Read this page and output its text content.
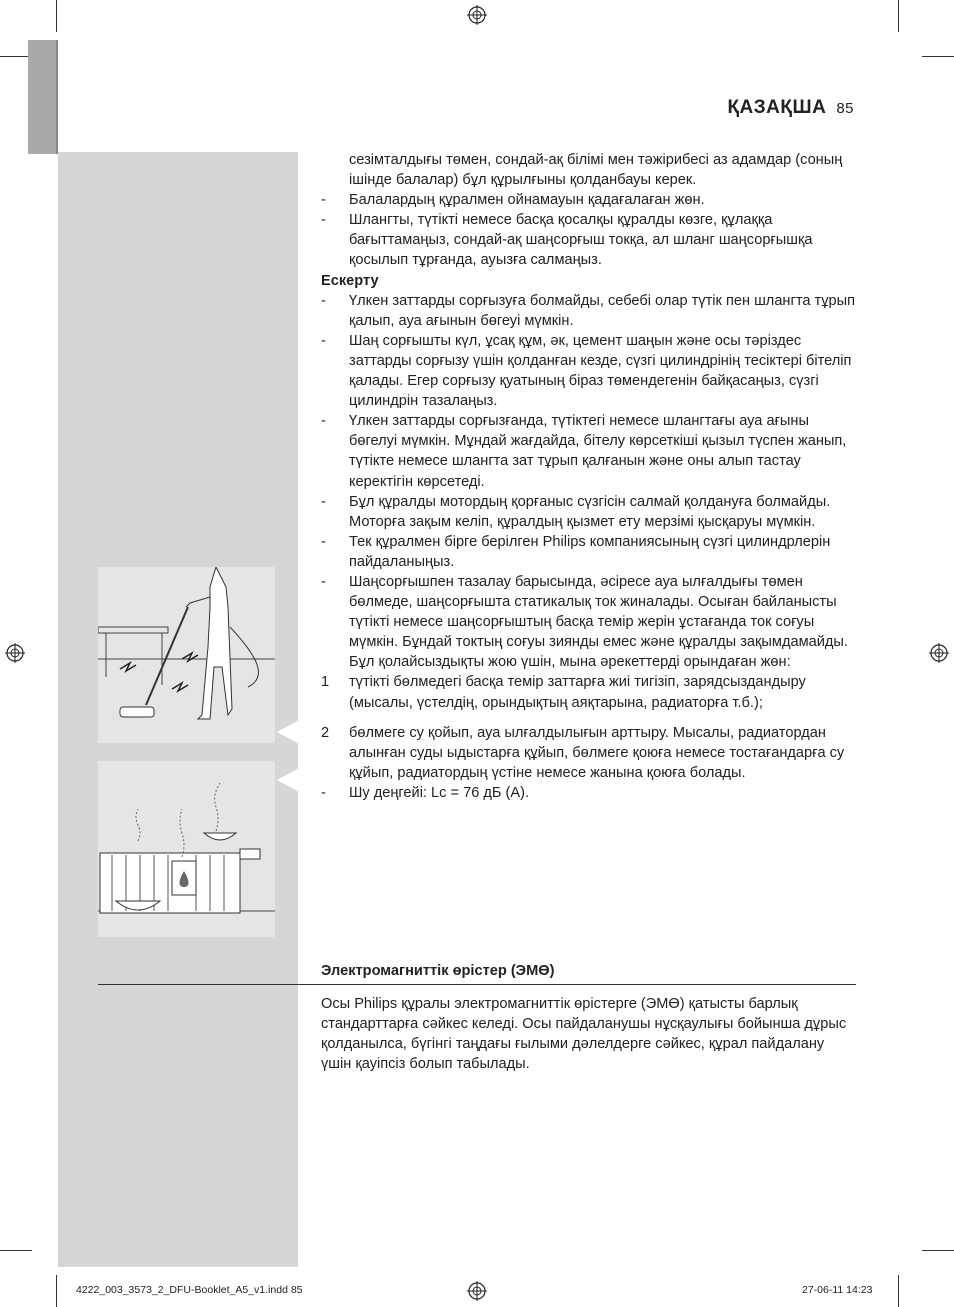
ҚАЗАҚША 85

сезімталдығы төмен, сондай-ақ білімі мен тәжірибесі аз адамдар (соның ішінде балалар) бұл құрылғыны қолданбауы керек.

- Балалардың құралмен ойнамауын қадағалаған жөн.
- Шлангты, түтікті немесе басқа қосалқы құралды көзге, құлаққа бағыттамаңыз, сондай-ақ шаңсорғыш токқа, ал шланг шаңсорғышқа қосылып тұрғанда, ауызға салмаңыз.

Ескерту

- Үлкен заттарды сорғызуға болмайды, себебі олар түтік пен шлангта тұрып қалып, ауа ағынын бөгеуі мүмкін.
- Шаң сорғышты күл, ұсақ құм, әк, цемент шаңын және осы тәріздес заттарды сорғызу үшін қолданған кезде, сүзгі цилиндрінің тесіктері бітеліп қалады. Егер сорғызу қуатының біраз төмендегенін байқасаңыз, сүзгі цилиндрін тазалаңыз.
- Үлкен заттарды сорғызғанда, түтіктегі немесе шлангтағы ауа ағыны бөгелуі мүмкін. Мұндай жағдайда, бітелу көрсеткіші қызыл түспен жанып, түтікте немесе шлангта зат тұрып қалғанын және оны алып тастау керектігін көрсетеді.
- Бұл құралды мотордың қорғаныс сүзгісін салмай қолдануға болмайды. Моторға зақым келіп, құралдың қызмет ету мерзімі қысқаруы мүмкін.
- Тек құралмен бірге берілген Philips компаниясының сүзгі цилиндрлерін пайдаланыңыз.
- Шаңсорғышпен тазалау барысында, әсіресе ауа ылғалдығы төмен бөлмеде, шаңсорғышта статикалық ток жиналады. Осыған байланысты түтікті немесе шаңсорғыштың басқа темір жерін ұстағанда ток соғуы мүмкін. Бұндай токтың соғуы зиянды емес және құралды зақымдамайды. Бұл қолайсыздықты жою үшін, мына әрекеттерді орындаған жөн:
1 түтікті бөлмедегі басқа темір заттарға жиі тигізіп, зарядсыздандыру (мысалы, үстелдің, орындықтың аяқтарына, радиаторға т.б.);
2 бөлмеге су қойып, ауа ылғалдылығын арттыру. Мысалы, радиатордан алынған суды ыдыстарға құйып, бөлмеге қоюға немесе тостағандарға су құйып, радиатордың үстіне немесе жанына қоюға болады.
- Шу деңгейі: Lc = 76 дБ (A).
Электромагниттік өрістер (ЭМӨ)
Осы Philips құралы электромагниттік өрістерге (ЭМӨ) қатысты барлық стандарттарға сәйкес келеді. Осы пайдаланушы нұсқаулығы бойынша дұрыс қолданылса, бүгінгі таңдағы ғылыми дәлелдерге сәйкес, құрал пайдалану үшін қауіпсіз болып табылады.
4222_003_3573_2_DFU-Booklet_A5_v1.indd 85	27-06-11 14:23
